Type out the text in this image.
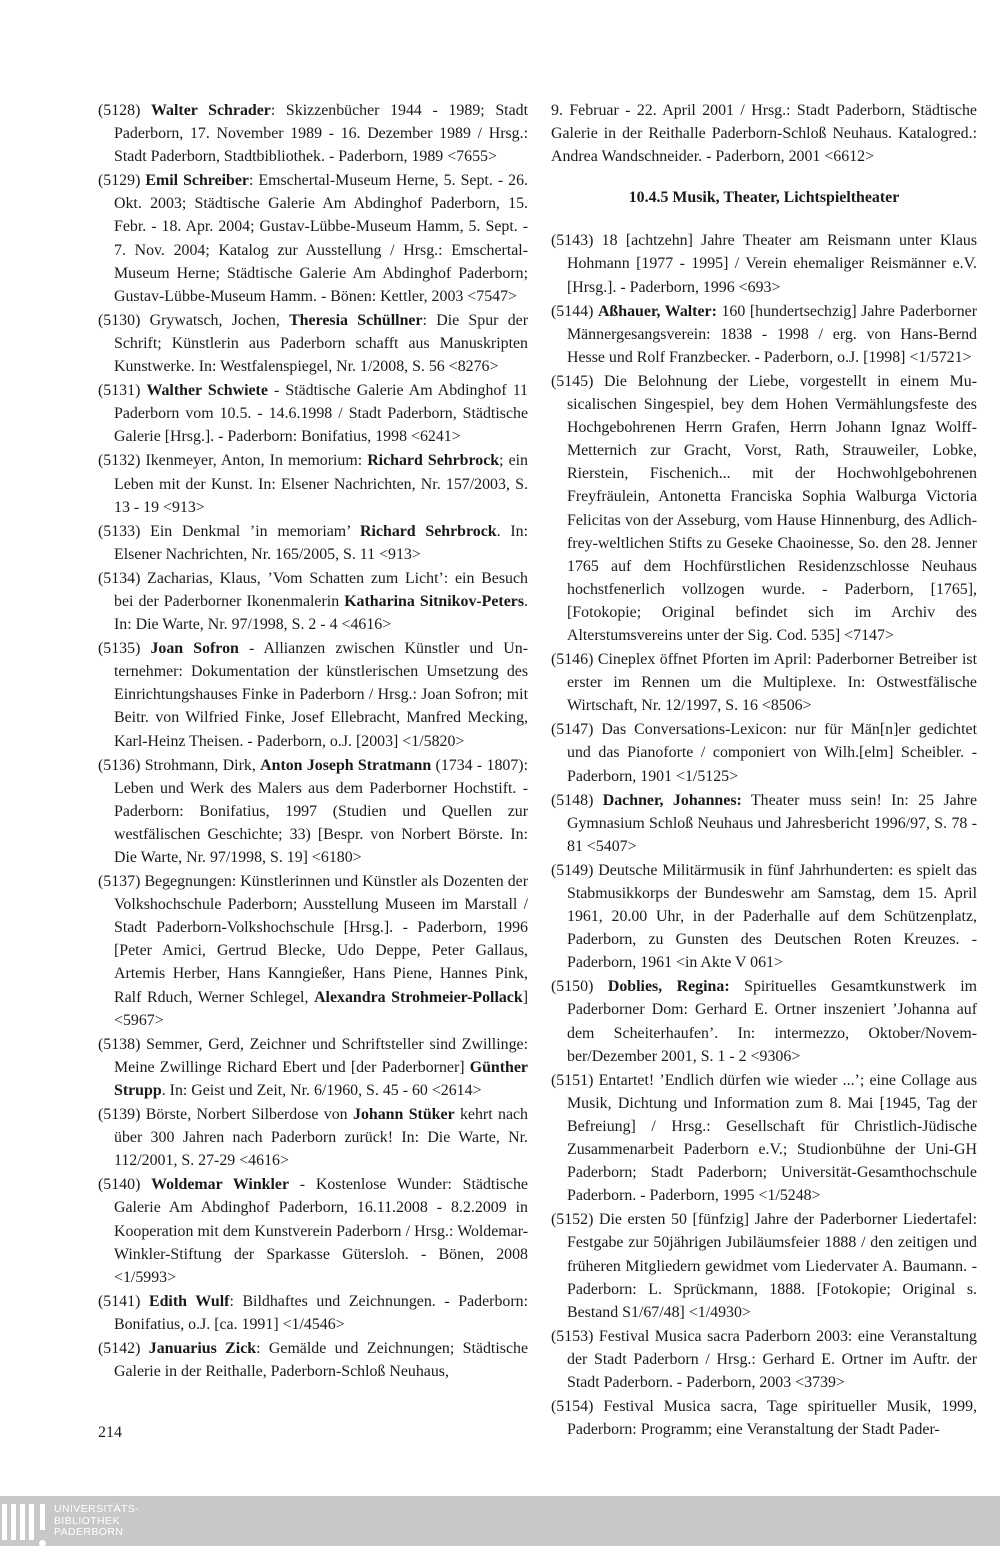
(5128) Walter Schrader: Skizzenbücher 1944 - 1989; Stadt Paderborn, 17. November 1989 - 16. Dezember 1989 / Hrsg.: Stadt Paderborn, Stadtbibliothek. - Paderborn, 1989 <7655>
(5129) Emil Schreiber: Emschertal-Museum Herne, 5. Sept. - 26. Okt. 2003; Städtische Galerie Am Abdinghof Paderborn, 15. Febr. - 18. Apr. 2004; Gustav-Lübbe-Museum Hamm, 5. Sept. - 7. Nov. 2004; Katalog zur Ausstellung / Hrsg.: Emschertal-Museum Herne; Städtische Galerie Am Abdinghof Paderborn; Gustav-Lübbe-Museum Hamm. - Bönen: Kettler, 2003 <7547>
(5130) Grywatsch, Jochen, Theresia Schüllner: Die Spur der Schrift; Künstlerin aus Paderborn schafft aus Manuskripten Kunstwerke. In: Westfalenspiegel, Nr. 1/2008, S. 56 <8276>
(5131) Walther Schwiete - Städtische Galerie Am Abdinghof 11 Paderborn vom 10.5. - 14.6.1998 / Stadt Paderborn, Städtische Galerie [Hrsg.]. - Paderborn: Bonifatius, 1998 <6241>
(5132) Ikenmeyer, Anton, In memorium: Richard Sehrbrock; ein Leben mit der Kunst. In: Elsener Nachrichten, Nr. 157/2003, S. 13 - 19 <913>
(5133) Ein Denkmal ’in memoriam’ Richard Sehrbrock. In: Elsener Nachrichten, Nr. 165/2005, S. 11 <913>
(5134) Zacharias, Klaus, ’Vom Schatten zum Licht’: ein Besuch bei der Paderborner Ikonenmalerin Katharina Sitnikov-Peters. In: Die Warte, Nr. 97/1998, S. 2 - 4 <4616>
(5135) Joan Sofron - Allianzen zwischen Künstler und Unternehmer: Dokumentation der künstlerischen Umsetzung des Einrichtungshauses Finke in Paderborn / Hrsg.: Joan Sofron; mit Beitr. von Wilfried Finke, Josef Ellebracht, Manfred Mecking, Karl-Heinz Theisen. - Paderborn, o.J. [2003] <1/5820>
(5136) Strohmann, Dirk, Anton Joseph Stratmann (1734 - 1807): Leben und Werk des Malers aus dem Paderborner Hochstift. - Paderborn: Bonifatius, 1997 (Studien und Quellen zur westfälischen Geschichte; 33) [Bespr. von Norbert Börste. In: Die Warte, Nr. 97/1998, S. 19] <6180>
(5137) Begegnungen: Künstlerinnen und Künstler als Dozenten der Volkshochschule Paderborn; Ausstellung Museen im Marstall / Stadt Paderborn-Volkshochschule [Hrsg.]. - Paderborn, 1996 [Peter Amici, Gertrud Blecke, Udo Deppe, Peter Gallaus, Artemis Herber, Hans Kanngießer, Hans Piene, Hannes Pink, Ralf Rduch, Werner Schlegel, Alexandra Strohmeier-Pollack] <5967>
(5138) Semmer, Gerd, Zeichner und Schriftsteller sind Zwillinge: Meine Zwillinge Richard Ebert und [der Paderborner] Günther Strupp. In: Geist und Zeit, Nr. 6/1960, S. 45 - 60 <2614>
(5139) Börste, Norbert Silberdose von Johann Stüker kehrt nach über 300 Jahren nach Paderborn zurück! In: Die Warte, Nr. 112/2001, S. 27-29 <4616>
(5140) Woldemar Winkler - Kostenlose Wunder: Städtische Galerie Am Abdinghof Paderborn, 16.11.2008 - 8.2.2009 in Kooperation mit dem Kunstverein Paderborn / Hrsg.: Woldemar-Winkler-Stiftung der Sparkasse Gütersloh. - Bönen, 2008 <1/5993>
(5141) Edith Wulf: Bildhaftes und Zeichnungen. - Paderborn: Bonifatius, o.J. [ca. 1991] <1/4546>
(5142) Januarius Zick: Gemälde und Zeichnungen; Städtische Galerie in der Reithalle, Paderborn-Schloß Neuhaus,
9. Februar - 22. April 2001 / Hrsg.: Stadt Paderborn, Städtische Galerie in der Reithalle Paderborn-Schloß Neuhaus. Katalogred.: Andrea Wandschneider. - Paderborn, 2001 <6612>
10.4.5 Musik, Theater, Lichtspieltheater
(5143) 18 [achtzehn] Jahre Theater am Reismann unter Klaus Hohmann [1977 - 1995] / Verein ehemaliger Reismänner e.V. [Hrsg.]. - Paderborn, 1996 <693>
(5144) Aßhauer, Walter: 160 [hundertsechzig] Jahre Paderborner Männergesangsverein: 1838 - 1998 / erg. von Hans-Bernd Hesse und Rolf Franzbecker. - Paderborn, o.J. [1998] <1/5721>
(5145) Die Belohnung der Liebe, vorgestellt in einem Musicalischen Singespiel, bey dem Hohen Vermählungsfeste des Hochgebohrenen Herrn Grafen, Herrn Johann Ignaz Wolff-Metternich zur Gracht, Vorst, Rath, Strauweiler, Lobke, Rierstein, Fischenich... mit der Hochwohlgebohrenen Freyfräulein, Antonetta Franciska Sophia Walburga Victoria Felicitas von der Asseburg, vom Hause Hinnenburg, des Adlich-frey-weltlichen Stifts zu Geseke Chaoinesse, So. den 28. Jenner 1765 auf dem Hochfürstlichen Residenzschlosse Neuhaus hochstfenerlich vollzogen wurde. - Paderborn, [1765], [Fotokopie; Original befindet sich im Archiv des Alterstumsvereins unter der Sig. Cod. 535] <7147>
(5146) Cineplex öffnet Pforten im April: Paderborner Betreiber ist erster im Rennen um die Multiplexe. In: Ostwestfälische Wirtschaft, Nr. 12/1997, S. 16 <8506>
(5147) Das Conversations-Lexicon: nur für Män[n]er gedichtet und das Pianoforte / componiert von Wilh.[elm] Scheibler. - Paderborn, 1901 <1/5125>
(5148) Dachner, Johannes: Theater muss sein! In: 25 Jahre Gymnasium Schloß Neuhaus und Jahresbericht 1996/97, S. 78 - 81 <5407>
(5149) Deutsche Militärmusik in fünf Jahrhunderten: es spielt das Stabmusikkorps der Bundeswehr am Samstag, dem 15. April 1961, 20.00 Uhr, in der Paderhalle auf dem Schützenplatz, Paderborn, zu Gunsten des Deutschen Roten Kreuzes. - Paderborn, 1961 <in Akte V 061>
(5150) Doblies, Regina: Spirituelles Gesamtkunstwerk im Paderborner Dom: Gerhard E. Ortner inszeniert ’Johanna auf dem Scheiterhaufen’. In: intermezzo, Oktober/November/Dezember 2001, S. 1 - 2 <9306>
(5151) Entartet! ’Endlich dürfen wie wieder ...’; eine Collage aus Musik, Dichtung und Information zum 8. Mai [1945, Tag der Befreiung] / Hrsg.: Gesellschaft für Christlich-Jüdische Zusammenarbeit Paderborn e.V.; Studionbühne der Uni-GH Paderborn; Stadt Paderborn; Universität-Gesamthochschule Paderborn. - Paderborn, 1995 <1/5248>
(5152) Die ersten 50 [fünfzig] Jahre der Paderborner Liedertafel: Festgabe zur 50jährigen Jubiläumsfeier 1888 / den zeitigen und früheren Mitgliedern gewidmet vom Liedervater A. Baumann. - Paderborn: L. Sprückmann, 1888. [Fotokopie; Original s. Bestand S1/67/48] <1/4930>
(5153) Festival Musica sacra Paderborn 2003: eine Veranstaltung der Stadt Paderborn / Hrsg.: Gerhard E. Ortner im Auftr. der Stadt Paderborn. - Paderborn, 2003 <3739>
(5154) Festival Musica sacra, Tage spiritueller Musik, 1999, Paderborn: Programm; eine Veranstaltung der Stadt Pader-
214
UNIVERSITÄTS-
BIBLIOTHEK
PADERBORN
